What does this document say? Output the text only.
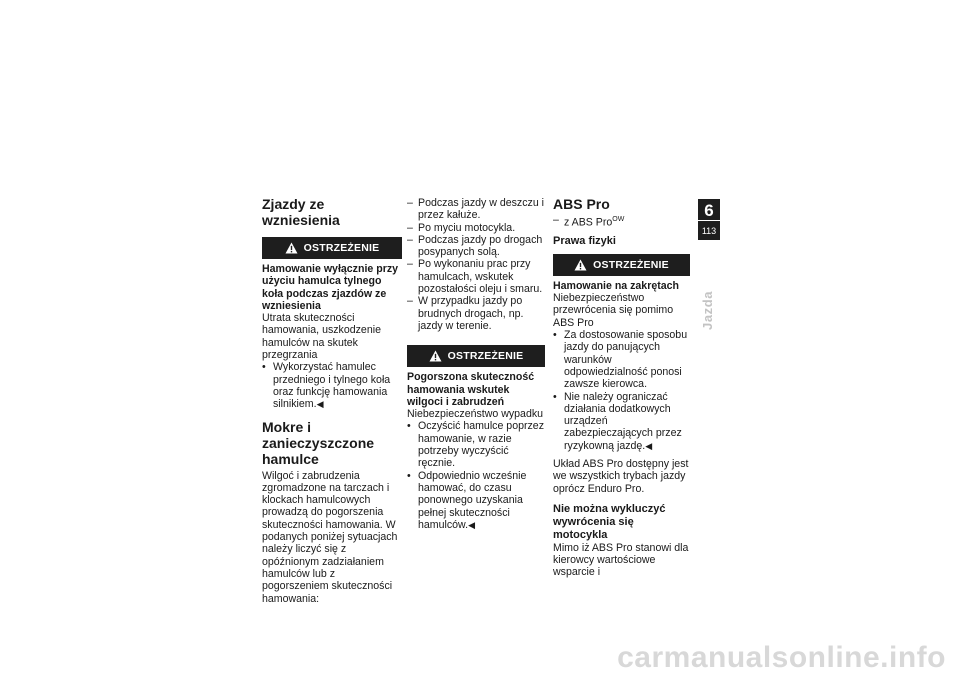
Zjazdy ze wzniesienia
OSTRZEŻENIE

Hamowanie wyłącznie przy użyciu hamulca tylnego koła podczas zjazdów ze wzniesienia

Utrata skuteczności hamowania, uszkodzenie hamulców na skutek przegrzania

• Wykorzystać hamulec przedniego i tylnego koła oraz funkcję hamowania silnikiem.◀
Mokre i zanieczyszczone hamulce

Wilgoć i zabrudzenia zgromadzone na tarczach i klockach hamulcowych prowadzą do pogorszenia skuteczności hamowania. W podanych poniżej sytuacjach należy liczyć się z opóźnionym zadziałaniem hamulców lub z pogorszeniem skuteczności hamowania:

– Podczas jazdy w deszczu i przez kałuże.
– Po myciu motocykla.
– Podczas jazdy po drogach posypanych solą.
– Po wykonaniu prac przy hamulcach, wskutek pozostałości oleju i smaru.
– W przypadku jazdy po brudnych drogach, np. jazdy w terenie.
OSTRZEŻENIE

Pogorszona skuteczność hamowania wskutek wilgoci i zabrudzeń

Niebezpieczeństwo wypadku

• Oczyścić hamulce poprzez hamowanie, w razie potrzeby wyczyścić ręcznie.
• Odpowiednio wcześnie hamować, do czasu ponownego uzyskania pełnej skuteczności hamulców.◀
ABS Pro
– z ABS Pro$^{OW}$
Prawa fizyki
OSTRZEŻENIE

Hamowanie na zakrętach

Niebezpieczeństwo przewrócenia się pomimo ABS Pro

• Za dostosowanie sposobu jazdy do panujących warunków odpowiedzialność ponosi zawsze kierowca.
• Nie należy ograniczać działania dodatkowych urządzeń zabezpieczających przez ryzykowną jazdę.◀

Układ ABS Pro dostępny jest we wszystkich trybach jazdy oprócz Enduro Pro.

Nie można wykluczyć wywrócenia się motocykla

Mimo iż ABS Pro stanowi dla kierowcy wartościowe wsparcie i

6
113
Jazda
carmanualsonline.info
